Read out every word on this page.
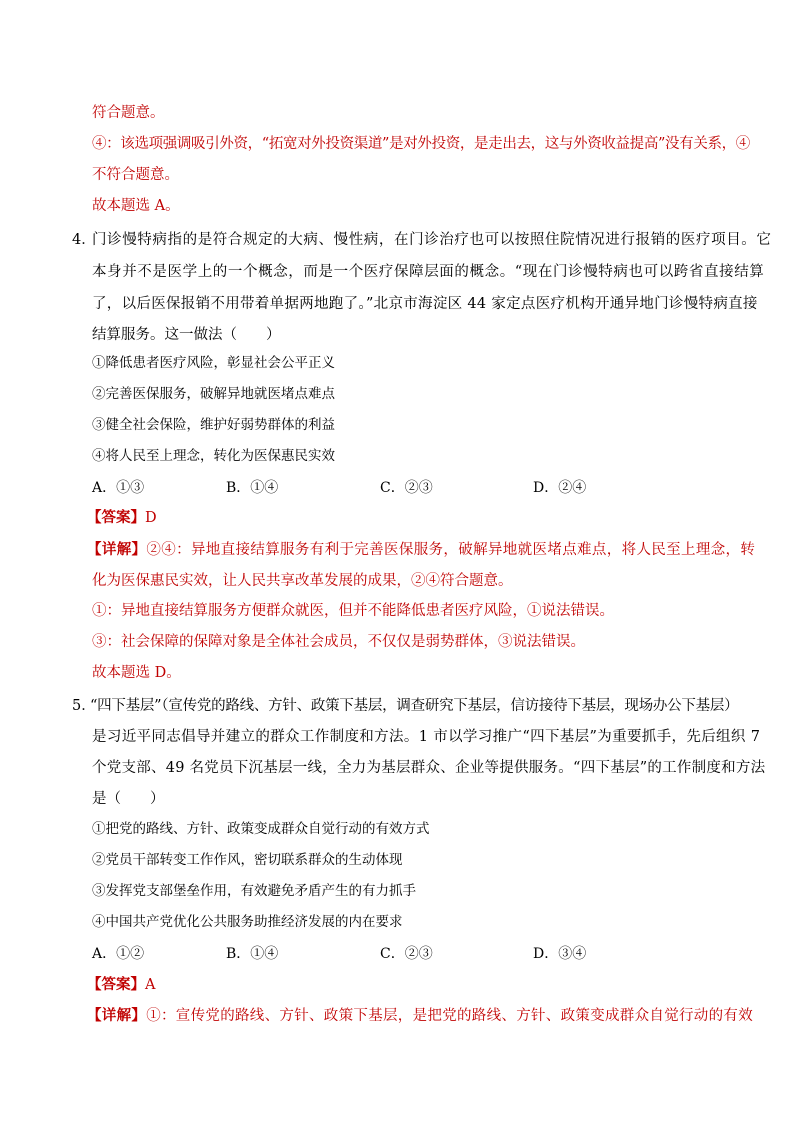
符合题意。
④：该选项强调吸引外资，“拓宽对外投资渠道”是对外投资，是走出去，这与外资收益提高”没有关系，④
不符合题意。
故本题选 A。
4．
门诊慢特病指的是符合规定的大病、慢性病，在门诊治疗也可以按照住院情况进行报销的医疗项目。它
本身并不是医学上的一个概念，而是一个医疗保障层面的概念。“现在门诊慢特病也可以跨省直接结算
了，以后医保报销不用带着单据两地跑了。”北京市海淀区 44 家定点医疗机构开通异地门诊慢特病直接
结算服务。这一做法（　　）
①降低患者医疗风险，彰显社会公平正义
②完善医保服务，破解异地就医堵点难点
③健全社会保险，维护好弱势群体的利益
④将人民至上理念，转化为医保惠民实效
A．①③	B．①④	C．②③	D．②④
【答案】D
【详解】②④：异地直接结算服务有利于完善医保服务，破解异地就医堵点难点，将人民至上理念，转
化为医保惠民实效，让人民共享改革发展的成果，②④符合题意。
①：异地直接结算服务方便群众就医，但并不能降低患者医疗风险，①说法错误。
③：社会保障的保障对象是全体社会成员，不仅仅是弱势群体，③说法错误。
故本题选 D。
5．
“四下基层”（宣传党的路线、方针、政策下基层，调查研究下基层，信访接待下基层，现场办公下基层）
是习近平同志倡导并建立的群众工作制度和方法。1 市以学习推广“四下基层”为重要抓手，先后组织 7
个党支部、49 名党员下沉基层一线，全力为基层群众、企业等提供服务。“四下基层”的工作制度和方法
是（　　）
①把党的路线、方针、政策变成群众自觉行动的有效方式
②党员干部转变工作作风，密切联系群众的生动体现
③发挥党支部堡垒作用，有效避免矛盾产生的有力抓手
④中国共产党优化公共服务助推经济发展的内在要求
A．①②	B．①④	C．②③	D．③④
【答案】A
【详解】①：宣传党的路线、方针、政策下基层，是把党的路线、方针、政策变成群众自觉行动的有效
